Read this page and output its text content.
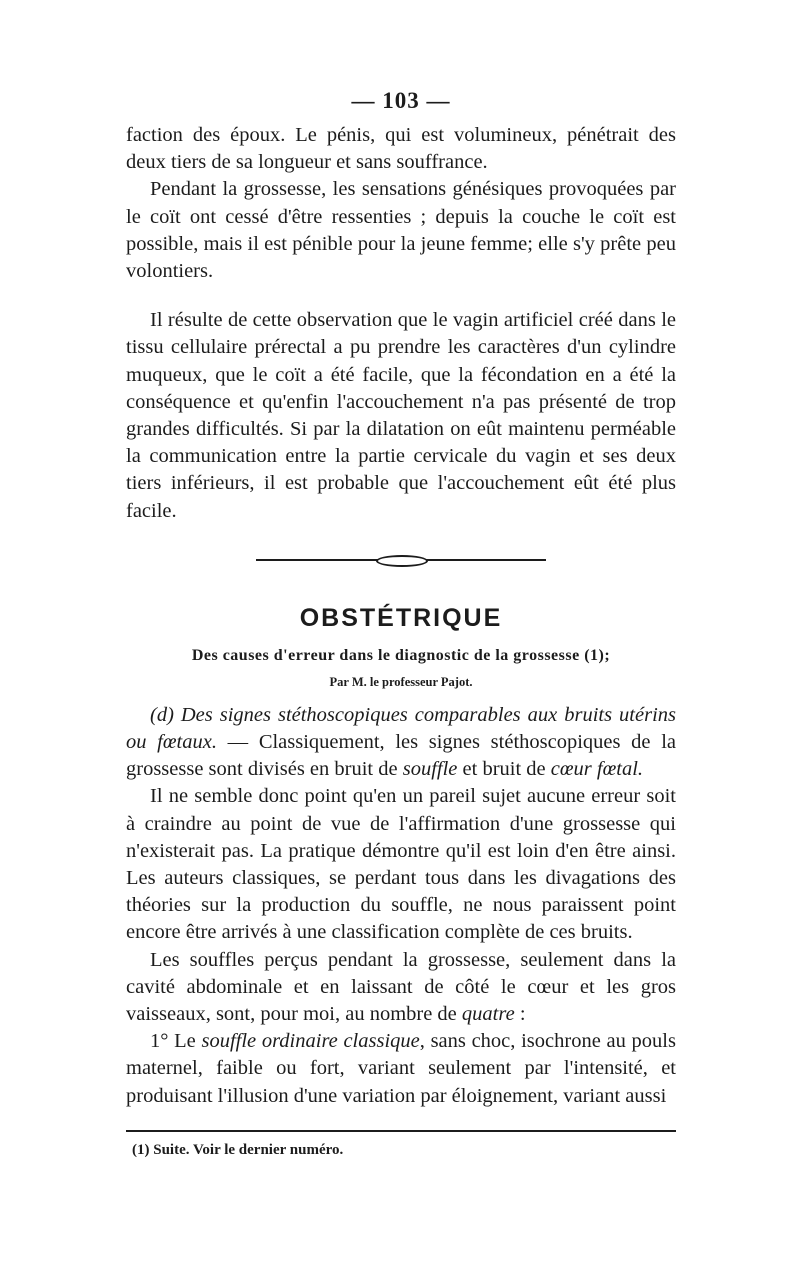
— 103 —

faction des époux. Le pénis, qui est volumineux, pénétrait des deux tiers de sa longueur et sans souffrance.

Pendant la grossesse, les sensations génésiques provoquées par le coït ont cessé d'être ressenties ; depuis la couche le coït est possible, mais il est pénible pour la jeune femme; elle s'y prête peu volontiers.

Il résulte de cette observation que le vagin artificiel créé dans le tissu cellulaire prérectal a pu prendre les caractères d'un cylindre muqueux, que le coït a été facile, que la fécondation en a été la conséquence et qu'enfin l'accouchement n'a pas présenté de trop grandes difficultés. Si par la dilatation on eût maintenu perméable la communication entre la partie cervicale du vagin et ses deux tiers inférieurs, il est probable que l'accouchement eût été plus facile.

OBSTÉTRIQUE
Des causes d'erreur dans le diagnostic de la grossesse (1);
Par M. le professeur Pajot.

(d) Des signes stéthoscopiques comparables aux bruits utérins ou fœtaux. — Classiquement, les signes stéthoscopiques de la grossesse sont divisés en bruit de souffle et bruit de cœur fœtal.

Il ne semble donc point qu'en un pareil sujet aucune erreur soit à craindre au point de vue de l'affirmation d'une grossesse qui n'existerait pas. La pratique démontre qu'il est loin d'en être ainsi. Les auteurs classiques, se perdant tous dans les divagations des théories sur la production du souffle, ne nous paraissent point encore être arrivés à une classification complète de ces bruits.

Les souffles perçus pendant la grossesse, seulement dans la cavité abdominale et en laissant de côté le cœur et les gros vaisseaux, sont, pour moi, au nombre de quatre :

1° Le souffle ordinaire classique, sans choc, isochrone au pouls maternel, faible ou fort, variant seulement par l'intensité, et produisant l'illusion d'une variation par éloignement, variant aussi

(1) Suite. Voir le dernier numéro.
